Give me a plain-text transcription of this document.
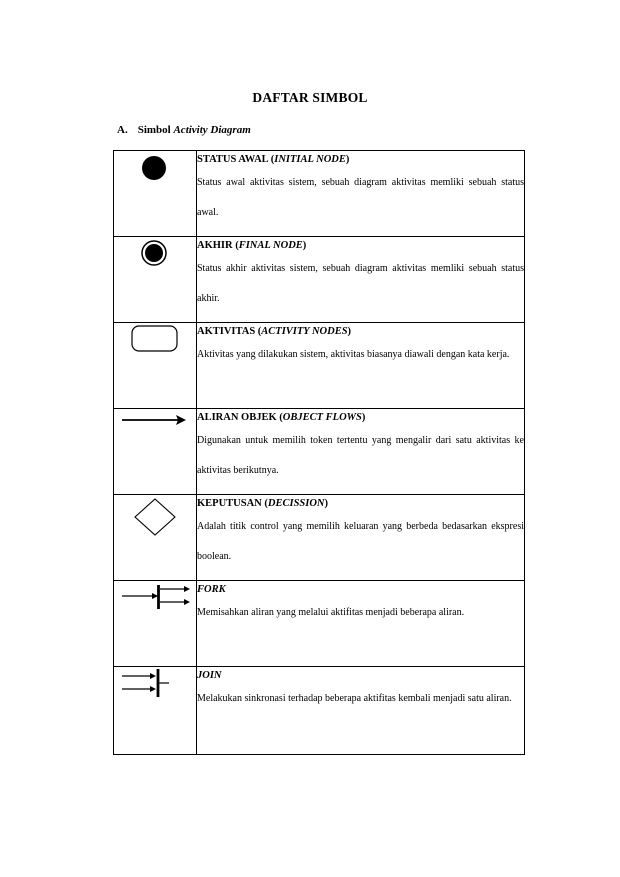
DAFTAR SIMBOL
A. Simbol Activity Diagram

STATUS AWAL (INITIAL NODE)
Status awal aktivitas sistem, sebuah diagram aktivitas memliki sebuah status awal.

AKHIR (FINAL NODE)
Status akhir aktivitas sistem, sebuah diagram aktivitas memliki sebuah status akhir.

AKTIVITAS (ACTIVITY NODES)
Aktivitas yang dilakukan sistem, aktivitas biasanya diawali dengan kata kerja.

ALIRAN OBJEK (OBJECT FLOWS)
Digunakan untuk memilih token tertentu yang mengalir dari satu aktivitas ke aktivitas berikutnya.

KEPUTUSAN (DECISSION)
Adalah titik control yang memilih keluaran yang berbeda bedasarkan ekspresi boolean.

FORK
Memisahkan aliran yang melalui aktifitas menjadi beberapa aliran.

JOIN
Melakukan sinkronasi terhadap beberapa aktifitas kembali menjadi satu aliran.
